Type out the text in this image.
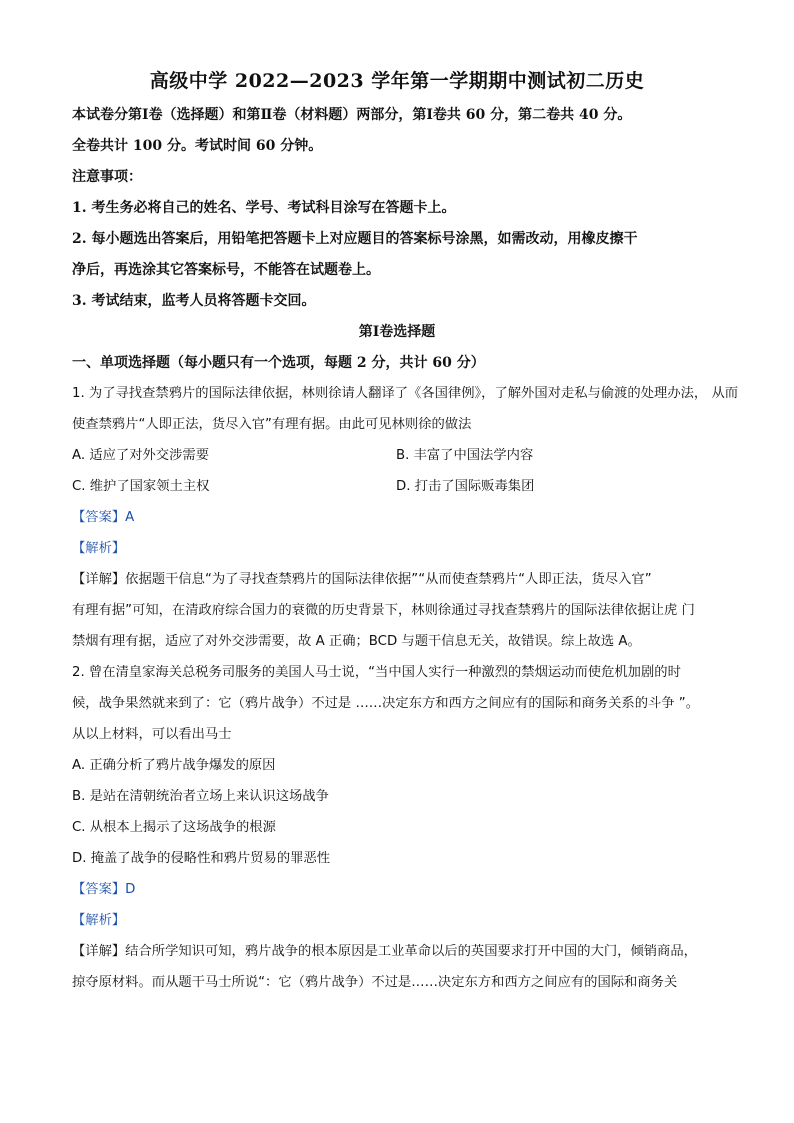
高级中学 2022—2023 学年第一学期期中测试初二历史
本试卷分第Ⅰ卷（选择题）和第Ⅱ卷（材料题）两部分，第Ⅰ卷共 60 分，第二卷共 40 分。
全卷共计 100 分。考试时间 60 分钟。
注意事项：
1. 考生务必将自己的姓名、学号、考试科目涂写在答题卡上。
2. 每小题选出答案后，用铅笔把答题卡上对应题目的答案标号涂黑，如需改动，用橡皮擦干
净后，再选涂其它答案标号，不能答在试题卷上。
3. 考试结束，监考人员将答题卡交回。
第Ⅰ卷选择题
一、单项选择题（每小题只有一个选项，每题 2 分，共计 60 分）
1. 为了寻找查禁鸦片的国际法律依据，林则徐请人翻译了《各国律例》，了解外国对走私与偷渡的处理办法， 从而
使查禁鸦片“人即正法，货尽入官”有理有据。由此可见林则徐的做法
A. 适应了对外交涉需要	B. 丰富了中国法学内容
C. 维护了国家领土主权	D. 打击了国际贩毒集团
【答案】A
【解析】
【详解】依据题干信息“为了寻找查禁鸦片的国际法律依据”“从而使查禁鸦片“人即正法，货尽入官”
有理有据”可知，在清政府综合国力的衰微的历史背景下，林则徐通过寻找查禁鸦片的国际法律依据让虎 门
禁烟有理有据，适应了对外交涉需要，故 A 正确；BCD 与题干信息无关，故错误。综上故选 A。
2. 曾在清皇家海关总税务司服务的美国人马士说，“当中国人实行一种激烈的禁烟运动而使危机加剧的时
候，战争果然就来到了：它（鸦片战争）不过是 ……决定东方和西方之间应有的国际和商务关系的斗争 ”。
从以上材料，可以看出马士
A. 正确分析了鸦片战争爆发的原因
B. 是站在清朝统治者立场上来认识这场战争
C. 从根本上揭示了这场战争的根源
D. 掩盖了战争的侵略性和鸦片贸易的罪恶性
【答案】D
【解析】
【详解】结合所学知识可知，鸦片战争的根本原因是工业革命以后的英国要求打开中国的大门，倾销商品，
掠夺原材料。而从题干马士所说“：它（鸦片战争）不过是……决定东方和西方之间应有的国际和商务关
